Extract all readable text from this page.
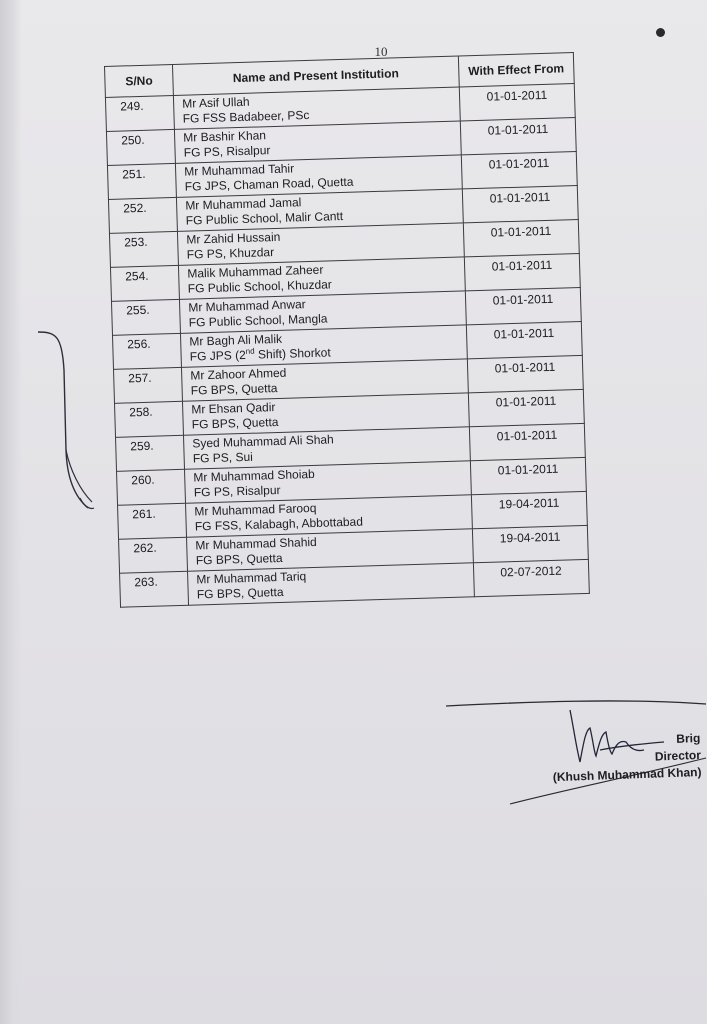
10
S/No	Name and Present Institution	With Effect From
249.	Mr Asif Ullah
FG FSS Badabeer, PSc	01-01-2011
250.	Mr Bashir Khan
FG PS, Risalpur	01-01-2011
251.	Mr Muhammad Tahir
FG JPS, Chaman Road, Quetta	01-01-2011
252.	Mr Muhammad Jamal
FG Public School, Malir Cantt	01-01-2011
253.	Mr Zahid Hussain
FG PS, Khuzdar	01-01-2011
254.	Malik Muhammad Zaheer
FG Public School, Khuzdar	01-01-2011
255.	Mr Muhammad Anwar
FG Public School, Mangla	01-01-2011
256.	Mr Bagh Ali Malik
FG JPS (2nd Shift) Shorkot	01-01-2011
257.	Mr Zahoor Ahmed
FG BPS, Quetta	01-01-2011
258.	Mr Ehsan Qadir
FG BPS, Quetta	01-01-2011
259.	Syed Muhammad Ali Shah
FG PS, Sui	01-01-2011
260.	Mr Muhammad Shoiab
FG PS, Risalpur	01-01-2011
261.	Mr Muhammad Farooq
FG FSS, Kalabagh, Abbottabad	19-04-2011
262.	Mr Muhammad Shahid
FG BPS, Quetta	19-04-2011
263.	Mr Muhammad Tariq
FG BPS, Quetta	02-07-2012
Brig
Director
(Khush Muhammad Khan)
